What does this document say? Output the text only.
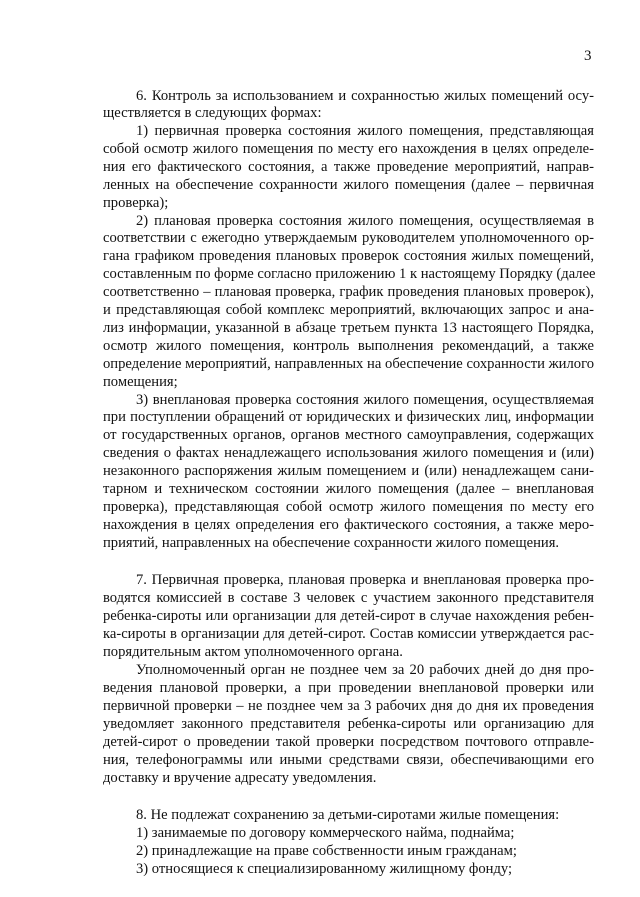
3
6. Контроль за использованием и сохранностью жилых помещений осу-
ществляется в следующих формах:
1) первичная проверка состояния жилого помещения, представляющая
собой осмотр жилого помещения по месту его нахождения в целях определе-
ния его фактического состояния, а также проведение мероприятий, направ-
ленных на обеспечение сохранности жилого помещения (далее – первичная
проверка);
2) плановая проверка состояния жилого помещения, осуществляемая в
соответствии с ежегодно утверждаемым руководителем уполномоченного ор-
гана графиком проведения плановых проверок состояния жилых помещений,
составленным по форме согласно приложению 1 к настоящему Порядку (далее
соответственно – плановая проверка, график проведения плановых проверок),
и представляющая собой комплекс мероприятий, включающих запрос и ана-
лиз информации, указанной в абзаце третьем пункта 13 настоящего Порядка,
осмотр жилого помещения, контроль выполнения рекомендаций, а также
определение мероприятий, направленных на обеспечение сохранности жилого
помещения;
3) внеплановая проверка состояния жилого помещения, осуществляемая
при поступлении обращений от юридических и физических лиц, информации
от государственных органов, органов местного самоуправления, содержащих
сведения о фактах ненадлежащего использования жилого помещения и (или)
незаконного распоряжения жилым помещением и (или) ненадлежащем сани-
тарном и техническом состоянии жилого помещения (далее – внеплановая
проверка), представляющая собой осмотр жилого помещения по месту его
нахождения в целях определения его фактического состояния, а также меро-
приятий, направленных на обеспечение сохранности жилого помещения.
7. Первичная проверка, плановая проверка и внеплановая проверка про-
водятся комиссией в составе 3 человек с участием законного представителя
ребенка-сироты или организации для детей-сирот в случае нахождения ребен-
ка-сироты в организации для детей-сирот. Состав комиссии утверждается рас-
порядительным актом уполномоченного органа.
Уполномоченный орган не позднее чем за 20 рабочих дней до дня про-
ведения плановой проверки, а при проведении внеплановой проверки или
первичной проверки – не позднее чем за 3 рабочих дня до дня их проведения
уведомляет законного представителя ребенка-сироты или организацию для
детей-сирот о проведении такой проверки посредством почтового отправле-
ния, телефонограммы или иными средствами связи, обеспечивающими его
доставку и вручение адресату уведомления.
8. Не подлежат сохранению за детьми-сиротами жилые помещения:
1) занимаемые по договору коммерческого найма, поднайма;
2) принадлежащие на праве собственности иным гражданам;
3) относящиеся к специализированному жилищному фонду;
